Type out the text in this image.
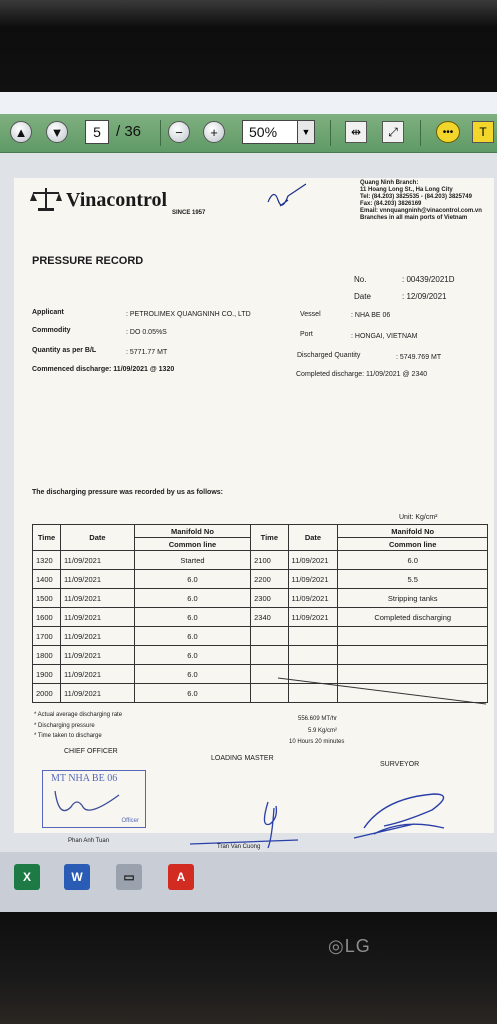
▲	▼	5	/ 36	−	+	50%	▼	⇹	⤢	•••	T
Vinacontrol
SINCE 1957
Quang Ninh Branch:
11 Hoang Long St., Ha Long City
Tel: (84.203) 3825535 - (84.203) 3825749
Fax: (84.203) 3826169
Email: vnnquangninh@vinacontrol.com.vn
Branches in all main ports of Vietnam
PRESSURE RECORD
No.	: 00439/2021D
Date	: 12/09/2021
Applicant	: PETROLIMEX QUANGNINH CO., LTD	Vessel	: NHA BE 06
Commodity	: DO 0.05%S	Port	: HONGAI, VIETNAM
Quantity as per B/L	: 5771.77 MT	Discharged Quantity	: 5749.769 MT
Commenced discharge: 11/09/2021 @ 1320
Completed discharge: 11/09/2021 @ 2340
The discharging pressure was recorded by us as follows:
Unit: Kg/cm²
Time	Date	Manifold No	Time	Date	Manifold No
		Common line			Common line
1320	11/09/2021	Started	2100	11/09/2021	6.0
1400	11/09/2021	6.0	2200	11/09/2021	5.5
1500	11/09/2021	6.0	2300	11/09/2021	Stripping tanks
1600	11/09/2021	6.0	2340	11/09/2021	Completed discharging
1700	11/09/2021	6.0			
1800	11/09/2021	6.0			
1900	11/09/2021	6.0			
2000	11/09/2021	6.0			
* Actual average discharging rate
* Discharging pressure
* Time taken to discharge
556.609 MT/hr
5.9 Kg/cm²
10 Hours 20 minutes
CHIEF OFFICER
LOADING MASTER
SURVEYOR
MT NHA BE 06
Officer
Phan Anh Tuan
Tran Van Cuong
X	W	▭	A
◎LG
